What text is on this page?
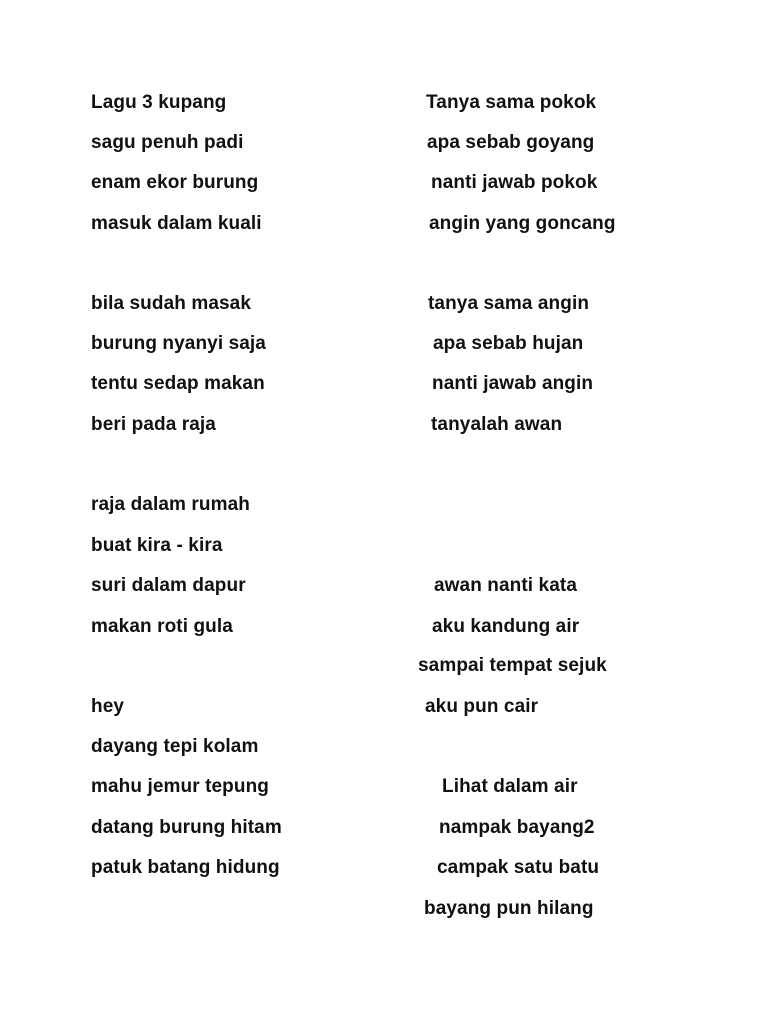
Lagu 3 kupang
sagu penuh padi
enam ekor burung
masuk dalam kuali
bila sudah masak
burung nyanyi saja
tentu sedap makan
beri pada raja
raja dalam rumah
buat kira - kira
suri dalam dapur
makan roti gula
hey
dayang tepi kolam
mahu jemur tepung
datang burung hitam
patuk batang hidung
Tanya sama pokok
apa sebab goyang
nanti jawab pokok
angin yang goncang
tanya sama angin
apa sebab hujan
nanti jawab angin
tanyalah awan
awan nanti kata
aku kandung air
sampai tempat sejuk
aku pun cair
Lihat dalam air
nampak bayang2
campak satu batu
bayang pun hilang
